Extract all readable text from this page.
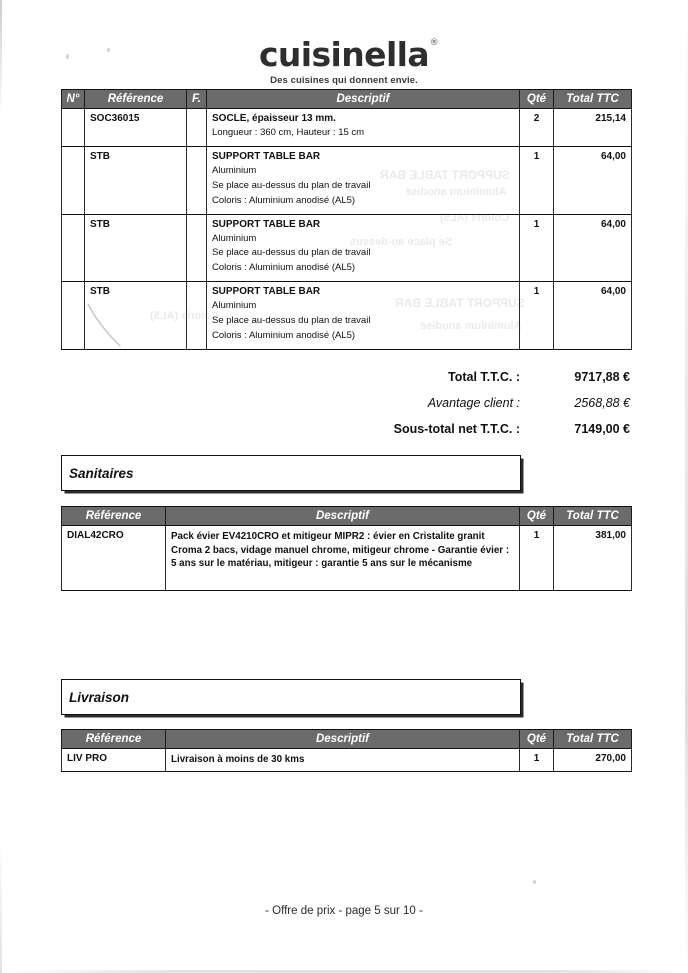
cuisinella ®
Des cuisines qui donnent envie.
SUPPORT TABLE BAR
Aluminium anodisé
Coloris (AL5)
Se place au-dessus
SUPPORT TABLE BAR
Aluminium anodisé
Coloris (AL5)
N°	Référence	F.	Descriptif	Qté	Total TTC
	SOC36015		SOCLE, épaisseur 13 mm.
Longueur : 360 cm, Hauteur : 15 cm	2	215,14
	STB		SUPPORT TABLE BAR
Aluminium
Se place au-dessus du plan de travail
Coloris : Aluminium anodisé (AL5)	1	64,00
	STB		SUPPORT TABLE BAR
Aluminium
Se place au-dessus du plan de travail
Coloris : Aluminium anodisé (AL5)	1	64,00
	STB		SUPPORT TABLE BAR
Aluminium
Se place au-dessus du plan de travail
Coloris : Aluminium anodisé (AL5)	1	64,00
Total T.T.C. :	9717,88 €
Avantage client :	2568,88 €
Sous-total net T.T.C. :	7149,00 €
Sanitaires
Référence	Descriptif	Qté	Total TTC
DIAL42CRO	Pack évier EV4210CRO et mitigeur MIPR2 : évier en Cristalite granit Croma 2 bacs, vidage manuel chrome, mitigeur chrome - Garantie évier : 5 ans sur le matériau, mitigeur : garantie 5 ans sur le mécanisme	1	381,00
Livraison
Référence	Descriptif	Qté	Total TTC
LIV PRO	Livraison à moins de 30 kms	1	270,00
- Offre de prix - page 5 sur 10 -
